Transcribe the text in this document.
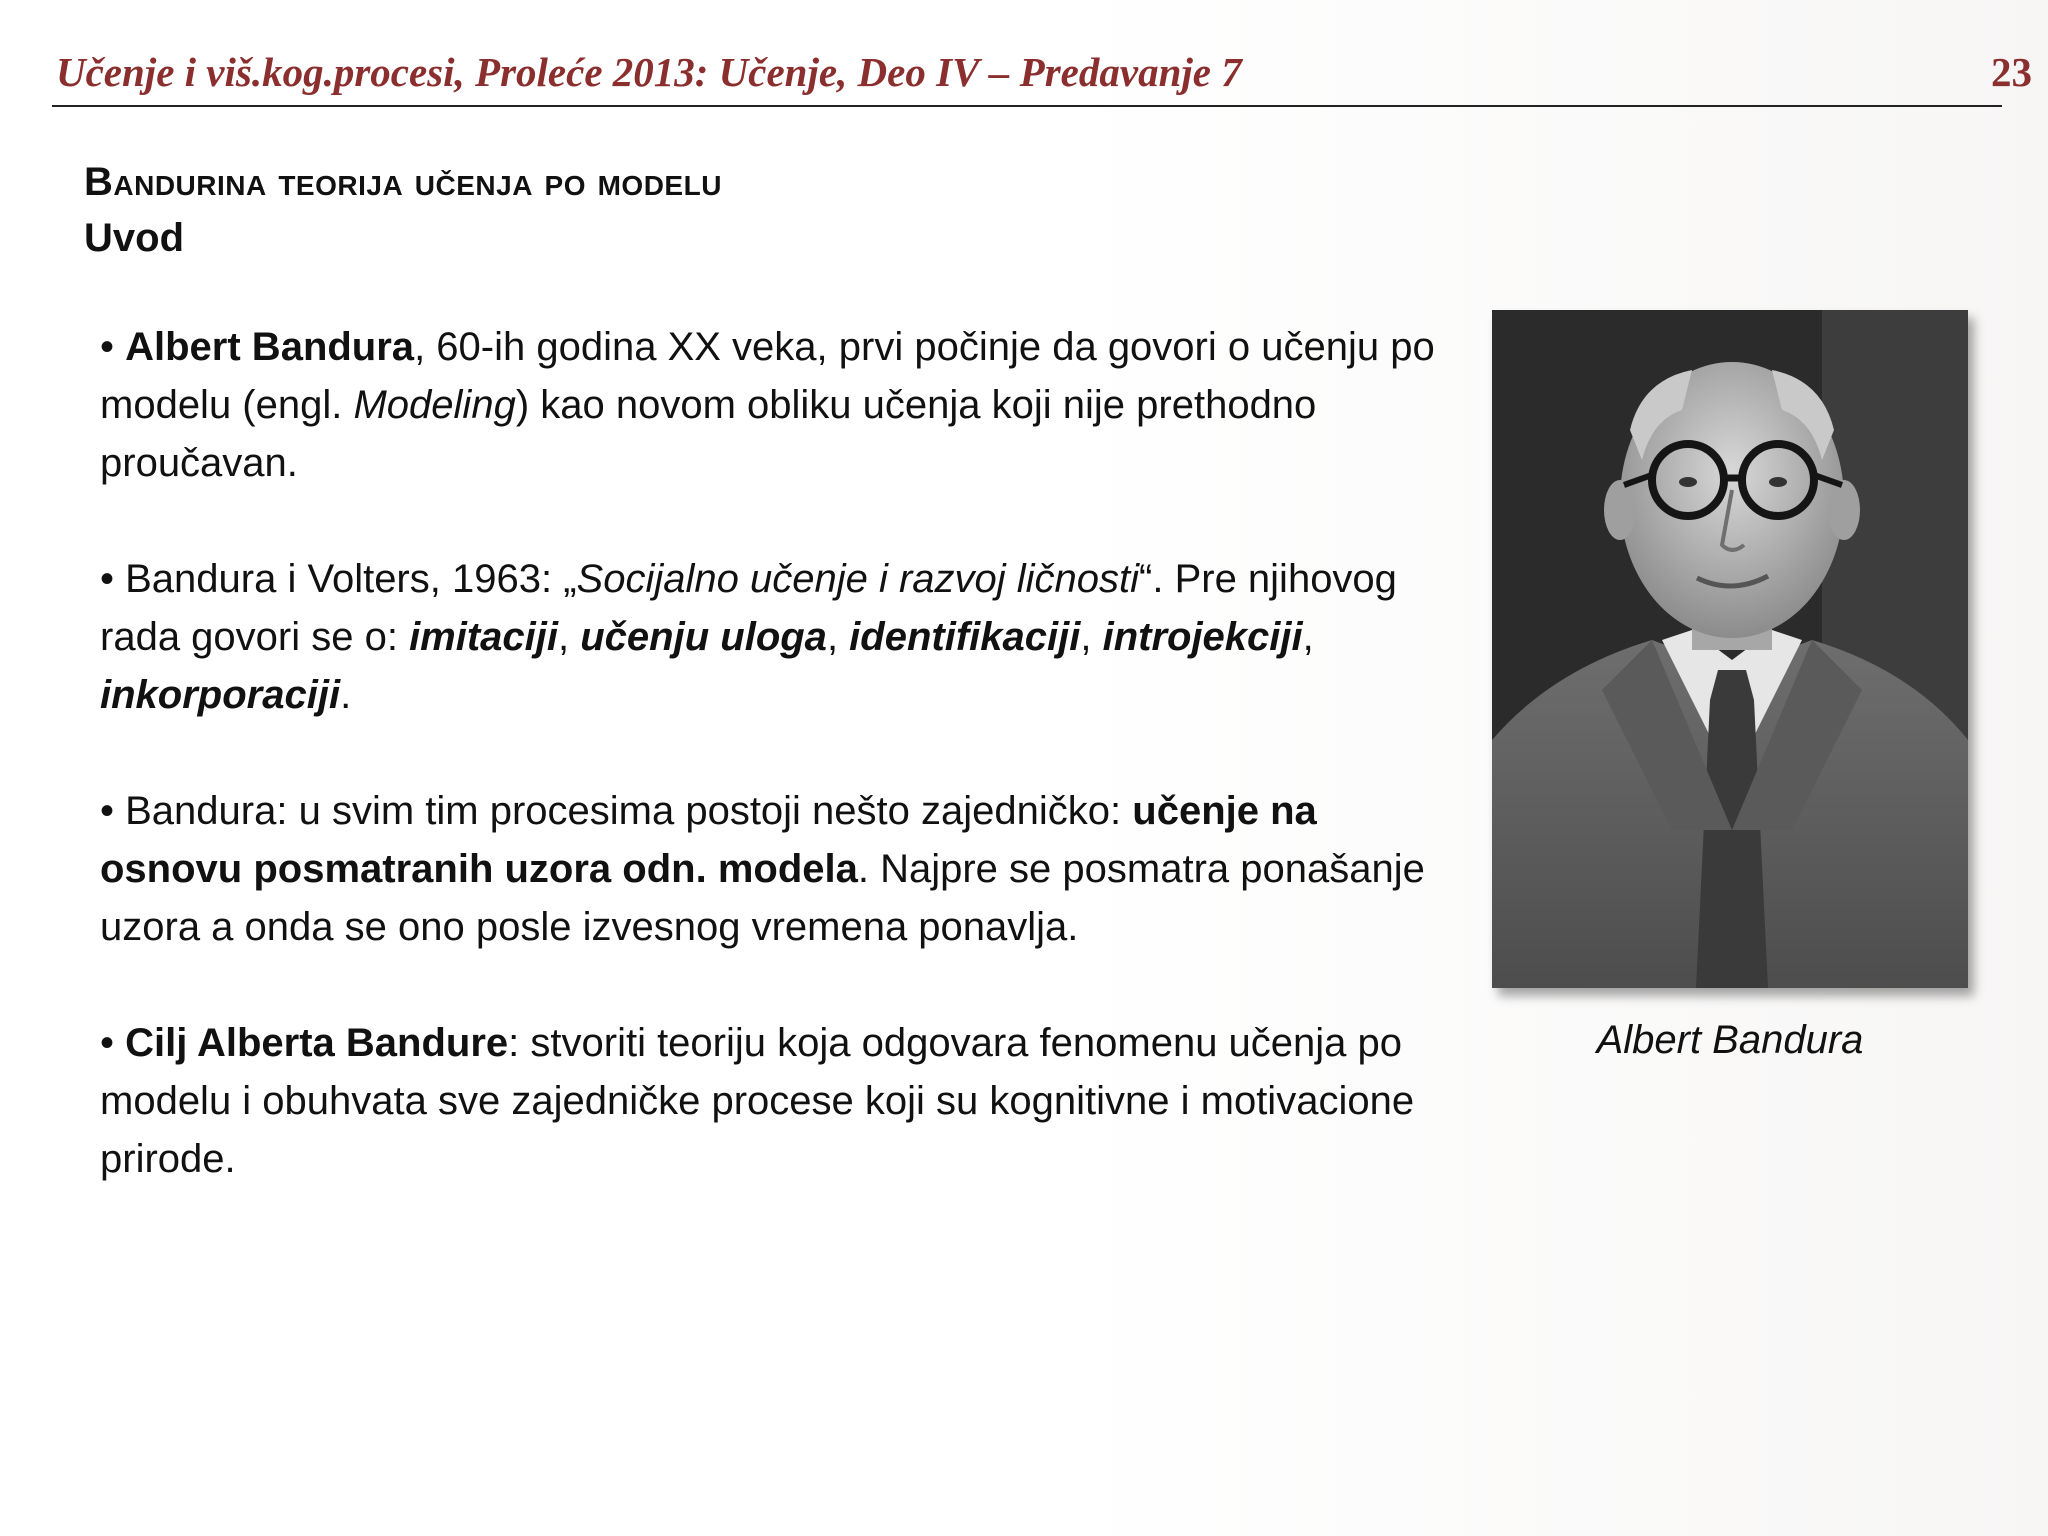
Učenje i viš.kog.procesi, Proleće 2013: Učenje, Deo IV – Predavanje 7	23
Bandurina teorija učenja po modelu
Uvod

• Albert Bandura, 60-ih godina XX veka, prvi počinje da govori o učenju po modelu (engl. Modeling) kao novom obliku učenja koji nije prethodno proučavan.

• Bandura i Volters, 1963: „Socijalno učenje i razvoj ličnosti“. Pre njihovog rada govori se o: imitaciji, učenju uloga, identifikaciji, introjekciji, inkorporaciji.

• Bandura: u svim tim procesima postoji nešto zajedničko: učenje na osnovu posmatranih uzora odn. modela. Najpre se posmatra ponašanje uzora a onda se ono posle izvesnog vremena ponavlja.

• Cilj Alberta Bandure: stvoriti teoriju koja odgovara fenomenu učenja po modelu i obuhvata sve zajedničke procese koji su kognitivne i motivacione prirode.

Albert Bandura
